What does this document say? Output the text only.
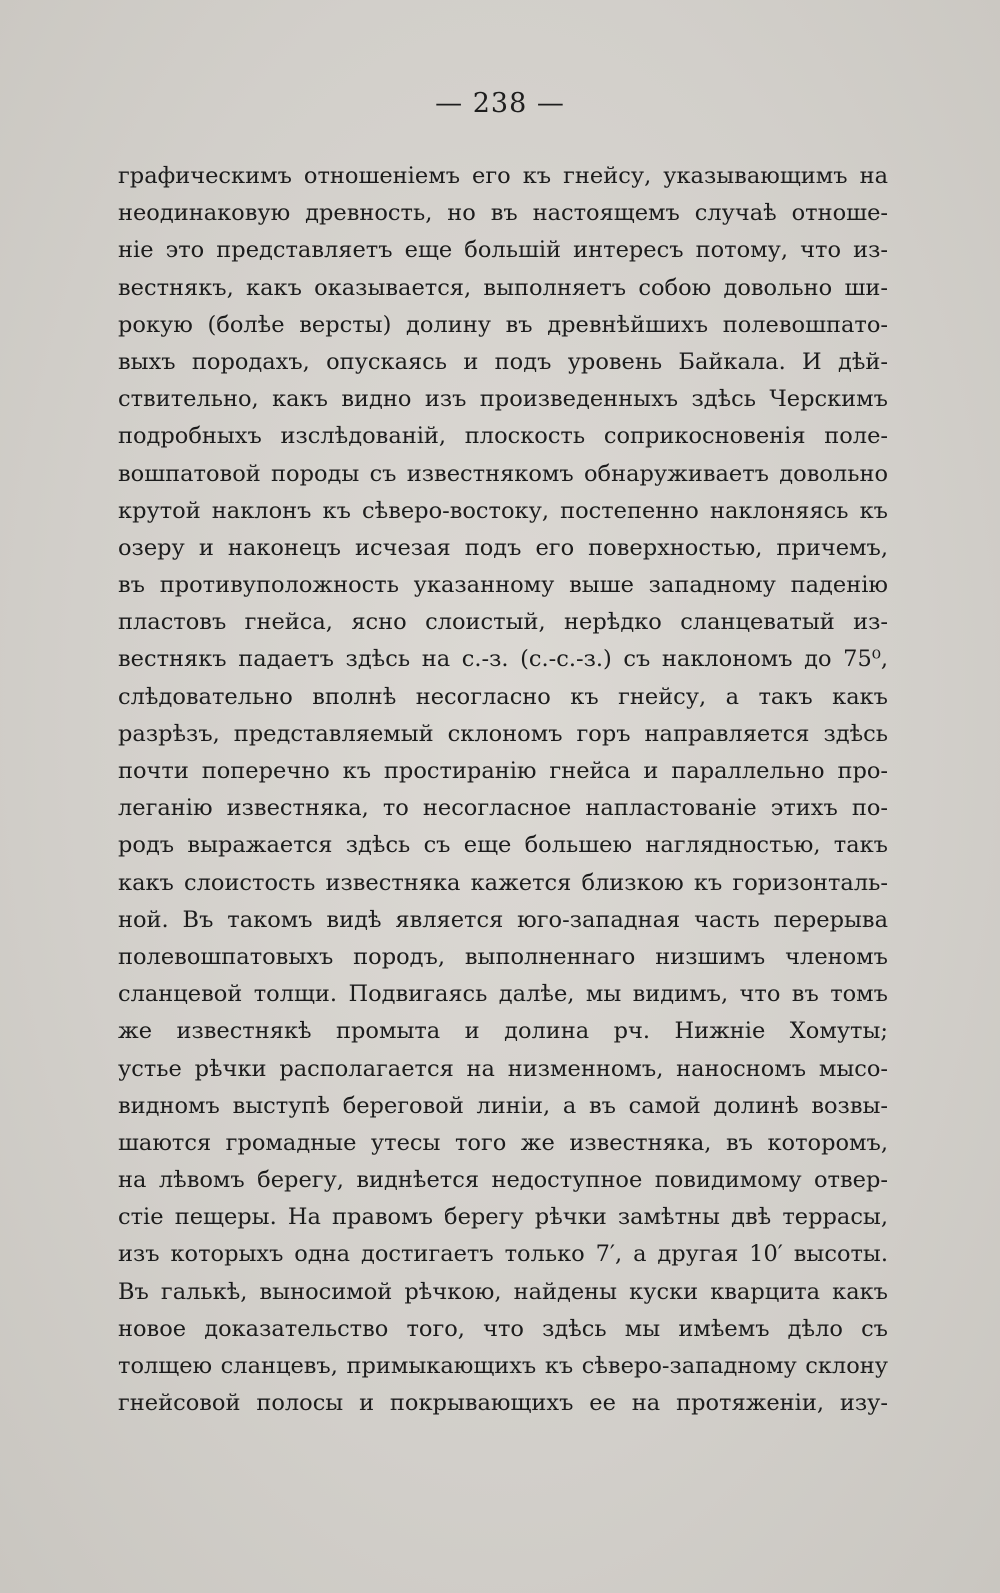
— 238 —
графическимъ отношеніемъ его къ гнейсу, указывающимъ на
неодинаковую древность, но въ настоящемъ случаѣ отноше-
ніе это представляетъ еще большій интересъ потому, что из-
вестнякъ, какъ оказывается, выполняетъ собою довольно ши-
рокую (болѣе версты) долину въ древнѣйшихъ полевошпато-
выхъ породахъ, опускаясь и подъ уровень Байкала. И дѣй-
ствительно, какъ видно изъ произведенныхъ здѣсь Черскимъ
подробныхъ изслѣдованій, плоскость соприкосновенія поле-
вошпатовой породы съ известнякомъ обнаруживаетъ довольно
крутой наклонъ къ сѣверо-востоку, постепенно наклоняясь къ
озеру и наконецъ исчезая подъ его поверхностью, причемъ,
въ противуположность указанному выше западному паденію
пластовъ гнейса, ясно слоистый, нерѣдко сланцеватый из-
вестнякъ падаетъ здѣсь на с.-з. (с.-с.-з.) съ наклономъ до 75⁰,
слѣдовательно вполнѣ несогласно къ гнейсу, а такъ какъ
разрѣзъ, представляемый склономъ горъ направляется здѣсь
почти поперечно къ простиранію гнейса и параллельно про-
леганію известняка, то несогласное напластованіе этихъ по-
родъ выражается здѣсь съ еще большею наглядностью, такъ
какъ слоистость известняка кажется близкою къ горизонталь-
ной. Въ такомъ видѣ является юго-западная часть перерыва
полевошпатовыхъ породъ, выполненнаго низшимъ членомъ
сланцевой толщи. Подвигаясь далѣе, мы видимъ, что въ томъ
же известнякѣ промыта и долина рч. Нижніе Хомуты;
устье рѣчки располагается на низменномъ, наносномъ мысо-
видномъ выступѣ береговой линіи, а въ самой долинѣ возвы-
шаются громадные утесы того же известняка, въ которомъ,
на лѣвомъ берегу, виднѣется недоступное повидимому отвер-
стіе пещеры. На правомъ берегу рѣчки замѣтны двѣ террасы,
изъ которыхъ одна достигаетъ только 7′, а другая 10′ высоты.
Въ галькѣ, выносимой рѣчкою, найдены куски кварцита какъ
новое доказательство того, что здѣсь мы имѣемъ дѣло съ
толщею сланцевъ, примыкающихъ къ сѣверо-западному склону
гнейсовой полосы и покрывающихъ ее на протяженіи, изу-
